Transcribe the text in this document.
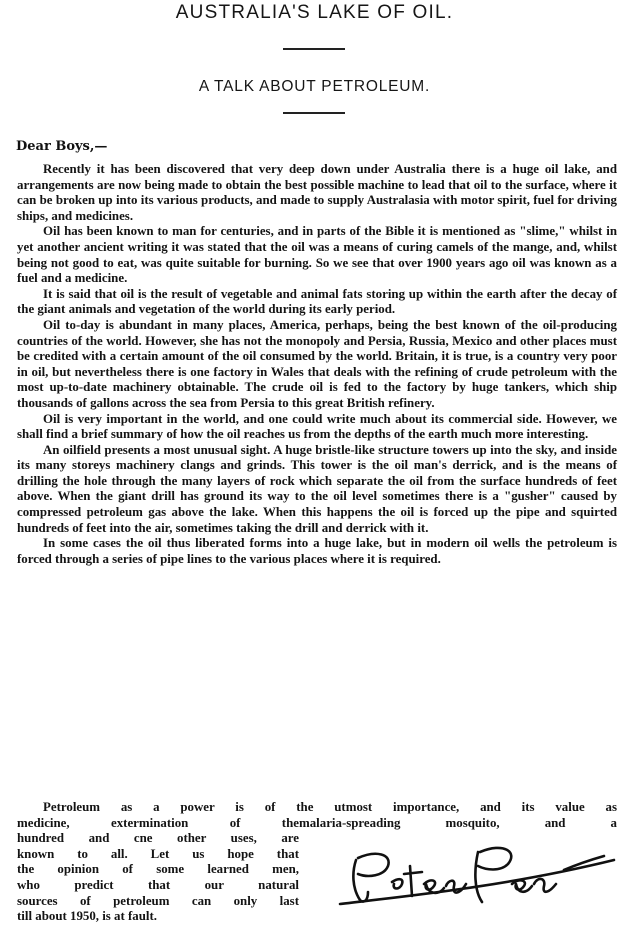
AUSTRALIA'S LAKE OF OIL.
A TALK ABOUT PETROLEUM.
Dear Boys,—

Recently it has been discovered that very deep down under Australia there is a huge oil lake, and arrangements are now being made to obtain the best possible machine to lead that oil to the surface, where it can be broken up into its various products, and made to supply Australasia with motor spirit, fuel for driving ships, and medicines.

Oil has been known to man for centuries, and in parts of the Bible it is mentioned as "slime," whilst in yet another ancient writing it was stated that the oil was a means of curing camels of the mange, and, whilst being not good to eat, was quite suitable for burning. So we see that over 1900 years ago oil was known as a fuel and a medicine.

It is said that oil is the result of vegetable and animal fats storing up within the earth after the decay of the giant animals and vegetation of the world during its early period.

Oil to-day is abundant in many places, America, perhaps, being the best known of the oil-producing countries of the world. However, she has not the monopoly and Persia, Russia, Mexico and other places must be credited with a certain amount of the oil consumed by the world. Britain, it is true, is a country very poor in oil, but nevertheless there is one factory in Wales that deals with the refining of crude petroleum with the most up-to-date machinery obtainable. The crude oil is fed to the factory by huge tankers, which ship thousands of gallons across the sea from Persia to this great British refinery.

Oil is very important in the world, and one could write much about its commercial side. However, we shall find a brief summary of how the oil reaches us from the depths of the earth much more interesting.

An oilfield presents a most unusual sight. A huge bristle-like structure towers up into the sky, and inside its many storeys machinery clangs and grinds. This tower is the oil man's derrick, and is the means of drilling the hole through the many layers of rock which separate the oil from the surface hundreds of feet above. When the giant drill has ground its way to the oil level sometimes there is a "gusher" caused by compressed petroleum gas above the lake. When this happens the oil is forced up the pipe and squirted hundreds of feet into the air, sometimes taking the drill and derrick with it.

In some cases the oil thus liberated forms into a huge lake, but in modern oil wells the petroleum is forced through a series of pipe lines to the various places where it is required.

Petroleum as a power is of the utmost importance, and its value as
medicine, extermination of themalaria-spreading mosquito, and a
hundred and cne other uses, are
known to all. Let us hope that
the opinion of some learned men,
who predict that our natural
sources of petroleum can only last
till about 1950, is at fault.
